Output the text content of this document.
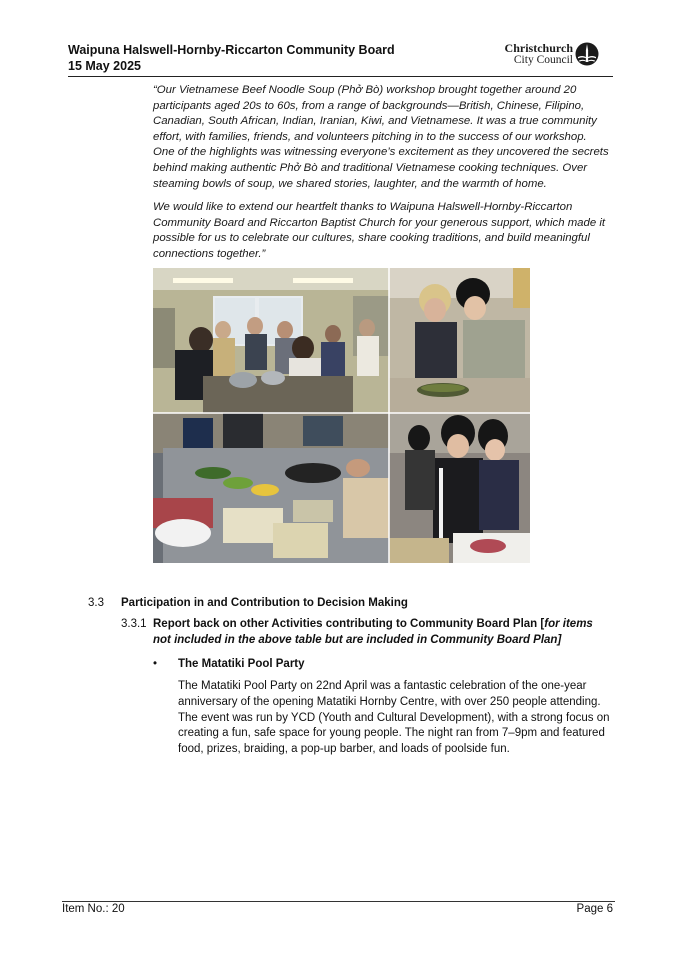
Waipuna Halswell-Hornby-Riccarton Community Board
15 May 2025
Christchurch
City Council
“Our Vietnamese Beef Noodle Soup (Phở Bò) workshop brought together around 20 participants aged 20s to 60s, from a range of backgrounds—British, Chinese, Filipino, Canadian, South African, Indian, Iranian, Kiwi, and Vietnamese. It was a true community effort, with families, friends, and volunteers pitching in to the success of our workshop. One of the highlights was witnessing everyone’s excitement as they uncovered the secrets behind making authentic Phở Bò and traditional Vietnamese cooking techniques. Over steaming bowls of soup, we shared stories, laughter, and the warmth of home.
We would like to extend our heartfelt thanks to Waipuna Halswell-Hornby-Riccarton Community Board and Riccarton Baptist Church for your generous support, which made it possible for us to celebrate our cultures, share cooking traditions, and build meaningful connections together.”
3.3 Participation in and Contribution to Decision Making
3.3.1 Report back on other Activities contributing to Community Board Plan [for items not included in the above table but are included in Community Board Plan]
• The Matatiki Pool Party
The Matatiki Pool Party on 22nd April was a fantastic celebration of the one-year anniversary of the opening Matatiki Hornby Centre, with over 250 people attending. The event was run by YCD (Youth and Cultural Development), with a strong focus on creating a fun, safe space for young people. The night ran from 7–9pm and featured food, prizes, braiding, a pop-up barber, and loads of poolside fun.
Item No.: 20	Page 6
